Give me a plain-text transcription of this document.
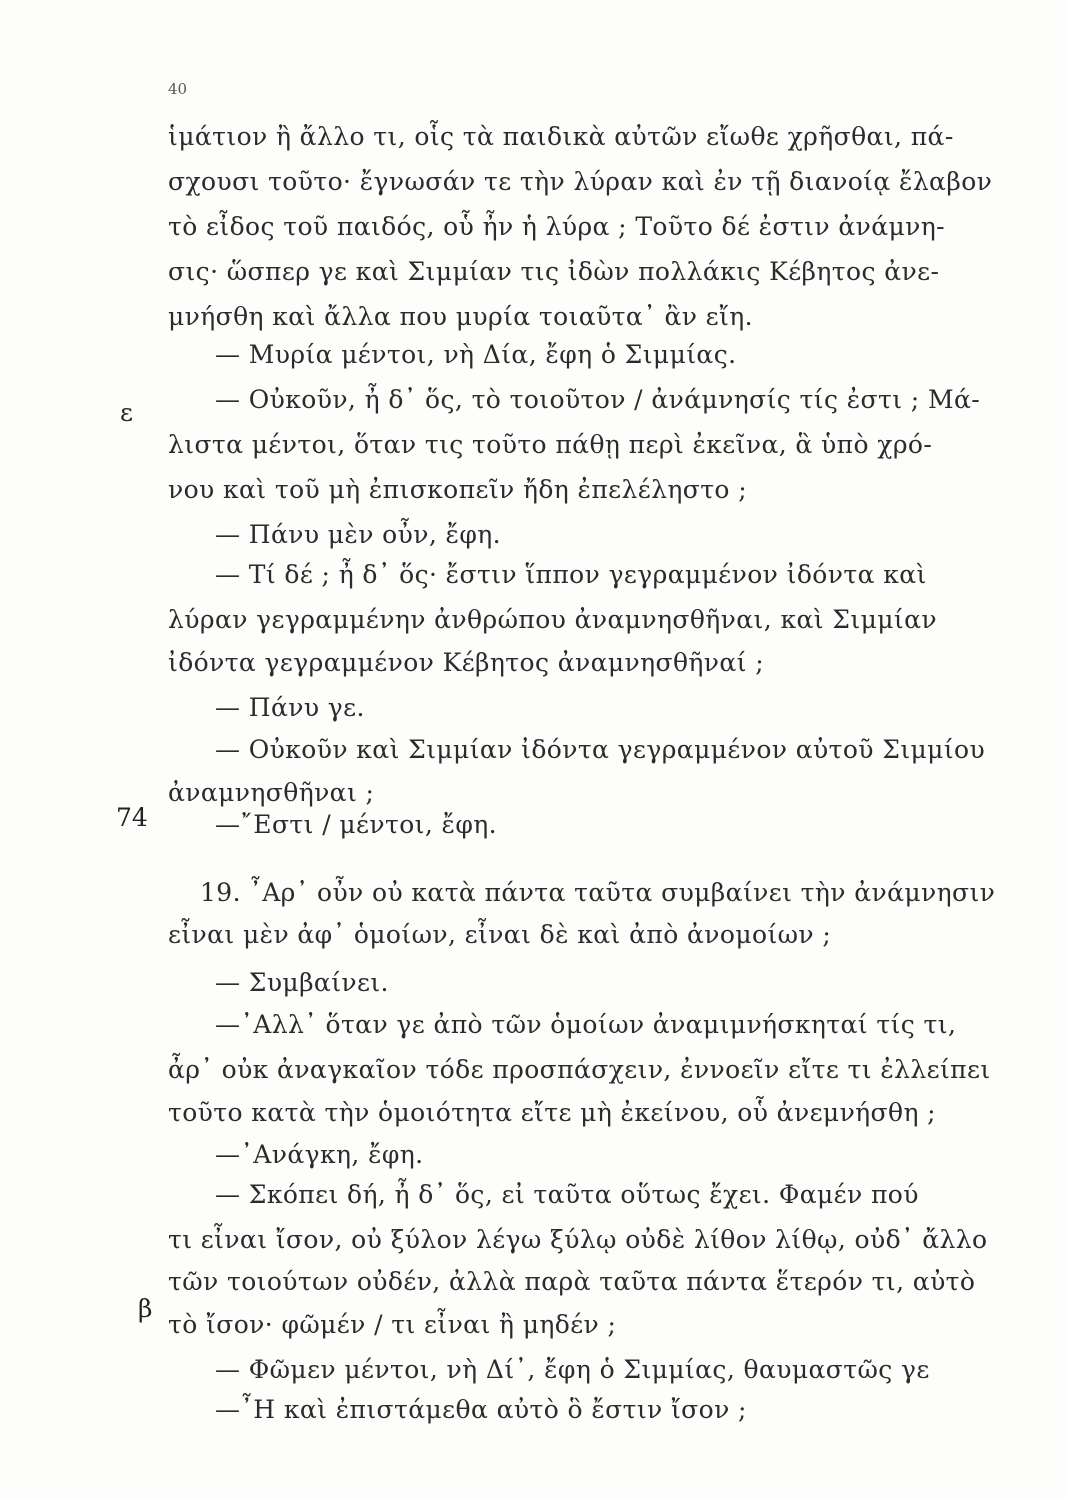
40
ε
74
β
ἱμάτιον ἢ ἄλλο τι, οἷς τὰ παιδικὰ αὐτῶν εἴωθε χρῆσθαι, πά-
σχουσι τοῦτο· ἔγνωσάν τε τὴν λύραν καὶ ἐν τῇ διανοίᾳ ἔλαβον
τὸ εἶδος τοῦ παιδός, οὗ ἦν ἡ λύρα ; Τοῦτο δέ ἐστιν ἀνάμνη-
σις· ὥσπερ γε καὶ Σιμμίαν τις ἰδὼν πολλάκις Κέβητος ἀνε-
μνήσθη καὶ ἄλλα που μυρία τοιαῦτα᾽ ἂν εἴη.
— Μυρία μέντοι, νὴ Δία, ἔφη ὁ Σιμμίας.
— Οὐκοῦν, ἦ δ᾽ ὅς, τὸ τοιοῦτον / ἀνάμνησίς τίς ἐστι ; Μά-
λιστα μέντοι, ὅταν τις τοῦτο πάθῃ περὶ ἐκεῖνα, ἃ ὑπὸ χρό-
νου καὶ τοῦ μὴ ἐπισκοπεῖν ἤδη ἐπελέληστο ;
— Πάνυ μὲν οὖν, ἔφη.
— Τί δέ ; ἦ δ᾽ ὅς· ἔστιν ἵππον γεγραμμένον ἰδόντα καὶ
λύραν γεγραμμένην ἀνθρώπου ἀναμνησθῆναι, καὶ Σιμμίαν
ἰδόντα γεγραμμένον Κέβητος ἀναμνησθῆναί ;
— Πάνυ γε.
— Οὐκοῦν καὶ Σιμμίαν ἰδόντα γεγραμμένον αὐτοῦ Σιμμίου
ἀναμνησθῆναι ;
—῎Εστι / μέντοι, ἔφη.
19. ῏Αρ᾽ οὖν οὐ κατὰ πάντα ταῦτα συμβαίνει τὴν ἀνάμνησιν
εἶναι μὲν ἀφ᾽ ὁμοίων, εἶναι δὲ καὶ ἀπὸ ἀνομοίων ;
— Συμβαίνει.
—᾽Αλλ᾽ ὅταν γε ἀπὸ τῶν ὁμοίων ἀναμιμνήσκηταί τίς τι,
ἆρ᾽ οὐκ ἀναγκαῖον τόδε προσπάσχειν, ἐννοεῖν εἴτε τι ἐλλείπει
τοῦτο κατὰ τὴν ὁμοιότητα εἴτε μὴ ἐκείνου, οὗ ἀνεμνήσθη ;
—᾽Ανάγκη, ἔφη.
— Σκόπει δή, ἦ δ᾽ ὅς, εἰ ταῦτα οὕτως ἔχει. Φαμέν πού
τι εἶναι ἴσον, οὐ ξύλον λέγω ξύλῳ οὐδὲ λίθον λίθῳ, οὐδ᾽ ἄλλο
τῶν τοιούτων οὐδέν, ἀλλὰ παρὰ ταῦτα πάντα ἕτερόν τι, αὐτὸ
τὸ ἴσον· φῶμέν / τι εἶναι ἢ μηδέν ;
— Φῶμεν μέντοι, νὴ Δί᾽, ἔφη ὁ Σιμμίας, θαυμαστῶς γε
—῏Η καὶ ἐπιστάμεθα αὐτὸ ὃ ἔστιν ἴσον ;
